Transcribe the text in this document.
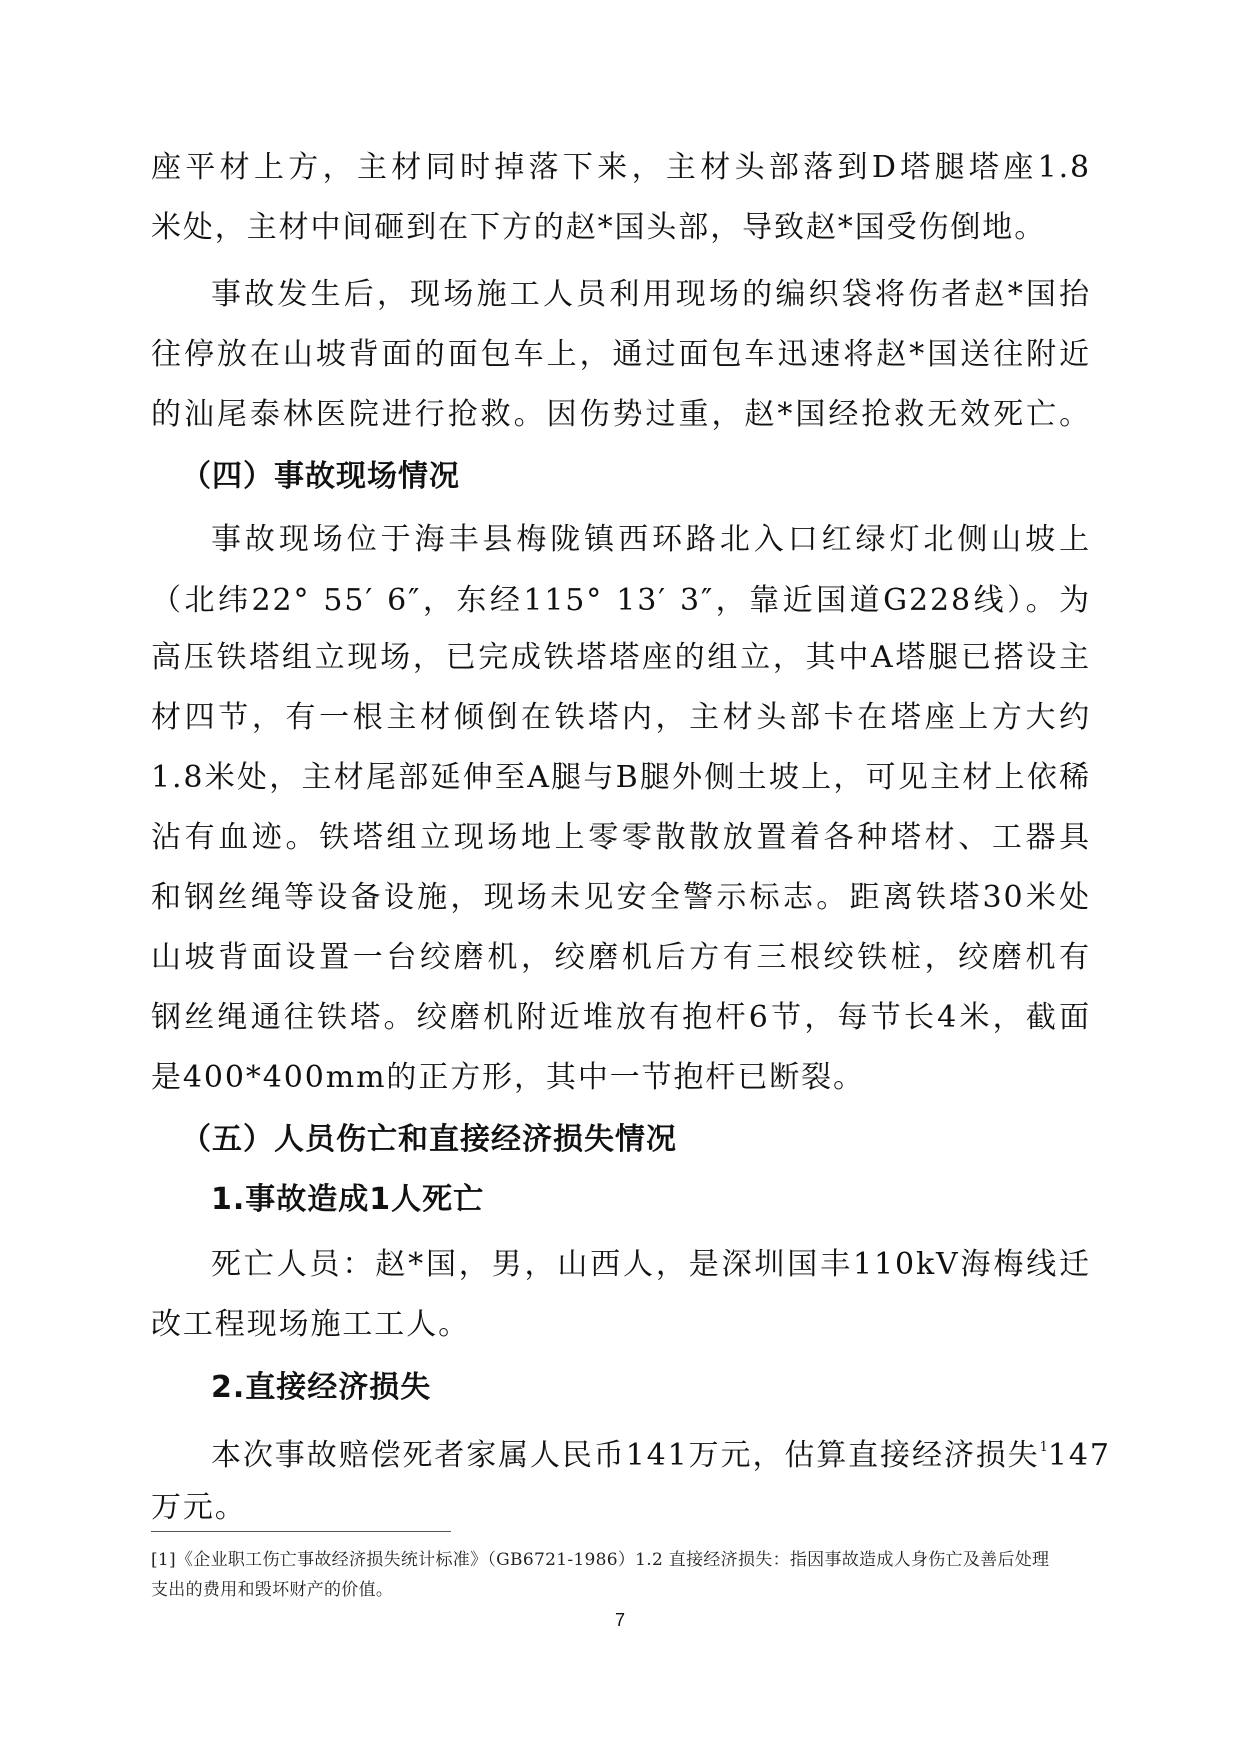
座平材上方，主材同时掉落下来，主材头部落到D塔腿塔座1.8
米处，主材中间砸到在下方的赵*国头部，导致赵*国受伤倒地。
事故发生后，现场施工人员利用现场的编织袋将伤者赵*国抬
往停放在山坡背面的面包车上，通过面包车迅速将赵*国送往附近
的汕尾泰林医院进行抢救。因伤势过重，赵*国经抢救无效死亡。
（四）事故现场情况
事故现场位于海丰县梅陇镇西环路北入口红绿灯北侧山坡上
（北纬22° 55′ 6″，东经115° 13′ 3″，靠近国道G228线）。为
高压铁塔组立现场，已完成铁塔塔座的组立，其中A塔腿已搭设主
材四节，有一根主材倾倒在铁塔内，主材头部卡在塔座上方大约
1.8米处，主材尾部延伸至A腿与B腿外侧土坡上，可见主材上依稀
沾有血迹。铁塔组立现场地上零零散散放置着各种塔材、工器具
和钢丝绳等设备设施，现场未见安全警示标志。距离铁塔30米处
山坡背面设置一台绞磨机，绞磨机后方有三根绞铁桩，绞磨机有
钢丝绳通往铁塔。绞磨机附近堆放有抱杆6节，每节长4米，截面
是400*400mm的正方形，其中一节抱杆已断裂。
（五）人员伤亡和直接经济损失情况
1.事故造成1人死亡
死亡人员：赵*国，男，山西人，是深圳国丰110kV海梅线迁
改工程现场施工工人。
2.直接经济损失
本次事故赔偿死者家属人民币141万元，估算直接经济损失$^1$147
万元。
[1]《企业职工伤亡事故经济损失统计标准》（GB6721-1986）1.2 直接经济损失：指因事故造成人身伤亡及善后处理
支出的费用和毁坏财产的价值。
7
